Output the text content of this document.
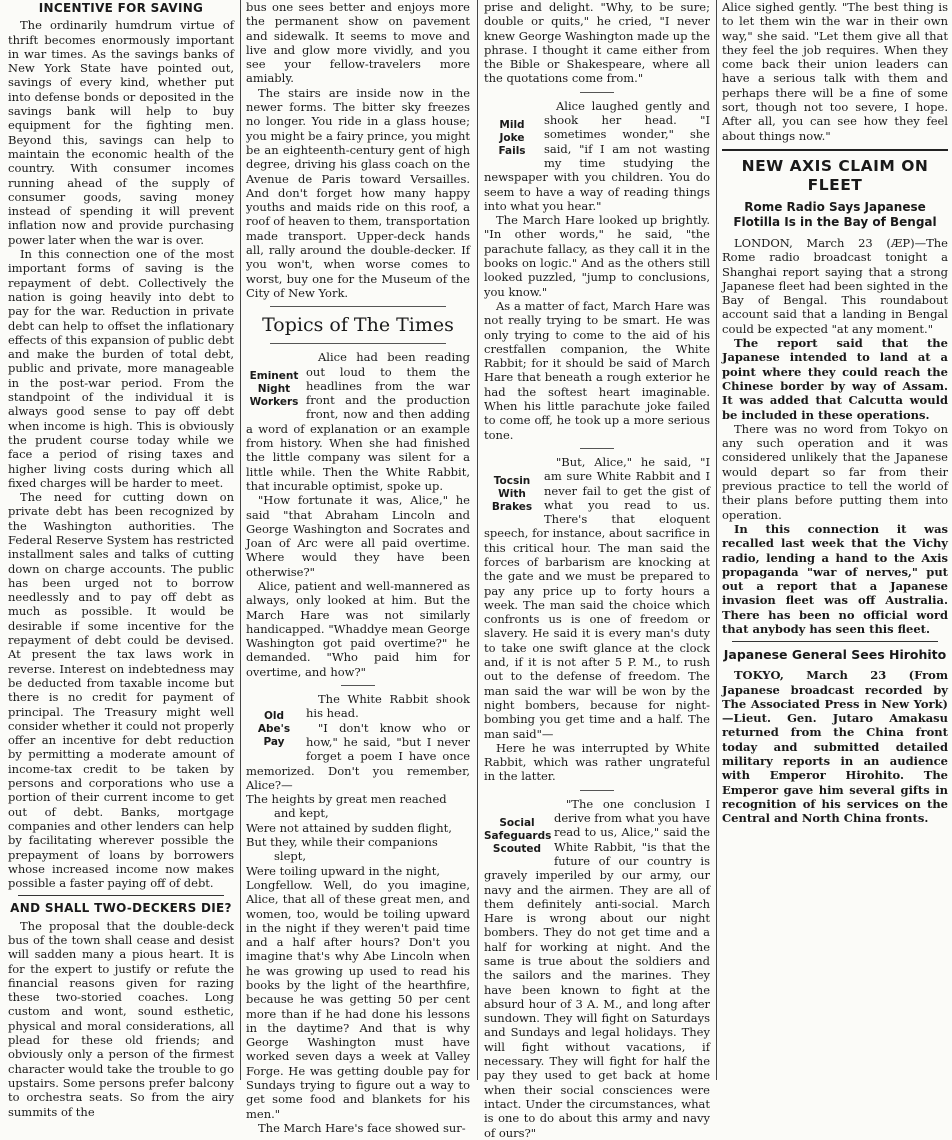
INCENTIVE FOR SAVING

The ordinarily humdrum virtue of thrift becomes enormously important in war times. As the savings banks of New York State have pointed out, savings of every kind, whether put into defense bonds or deposited in the savings bank will help to buy equipment for the fighting men. Beyond this, savings can help to maintain the economic health of the country. With consumer incomes running ahead of the supply of consumer goods, saving money instead of spending it will prevent inflation now and provide purchasing power later when the war is over.

In this connection one of the most important forms of saving is the repayment of debt. Collectively the nation is going heavily into debt to pay for the war. Reduction in private debt can help to offset the inflationary effects of this expansion of public debt and make the burden of total debt, public and private, more manageable in the post-war period. From the standpoint of the individual it is always good sense to pay off debt when income is high. This is obviously the prudent course today while we face a period of rising taxes and higher living costs during which all fixed charges will be harder to meet.

The need for cutting down on private debt has been recognized by the Washington authorities. The Federal Reserve System has restricted installment sales and talks of cutting down on charge accounts. The public has been urged not to borrow needlessly and to pay off debt as much as possible. It would be desirable if some incentive for the repayment of debt could be devised. At present the tax laws work in reverse. Interest on indebtedness may be deducted from taxable income but there is no credit for payment of principal. The Treasury might well consider whether it could not properly offer an incentive for debt reduction by permitting a moderate amount of income-tax credit to be taken by persons and corporations who use a portion of their current income to get out of debt. Banks, mortgage companies and other lenders can help by facilitating wherever possible the prepayment of loans by borrowers whose increased income now makes possible a faster paying off of debt.

AND SHALL TWO-DECKERS DIE?

The proposal that the double-deck bus of the town shall cease and desist will sadden many a pious heart. It is for the expert to justify or refute the financial reasons given for razing these two-storied coaches. Long custom and wont, sound esthetic, physical and moral considerations, all plead for these old friends; and obviously only a person of the firmest character would take the trouble to go upstairs. Some persons prefer balcony to orchestra seats. So from the airy summits of the

bus one sees better and enjoys more the permanent show on pavement and sidewalk. It seems to move and live and glow more vividly, and you see your fellow-travelers more amiably.

The stairs are inside now in the newer forms. The bitter sky freezes no longer. You ride in a glass house; you might be a fairy prince, you might be an eighteenth-century gent of high degree, driving his glass coach on the Avenue de Paris toward Versailles. And don't forget how many happy youths and maids ride on this roof, a roof of heaven to them, transportation made transport. Upper-deck hands all, rally around the double-decker. If you won't, when worse comes to worst, buy one for the Museum of the City of New York.

Topics of The Times
Eminent
Night
Workers

Alice had been reading out loud to them the headlines from the war front and the production front, now and then adding a word of explanation or an example from history. When she had finished the little company was silent for a little while. Then the White Rabbit, that incurable optimist, spoke up.

"How fortunate it was, Alice," he said "that Abraham Lincoln and George Washington and Socrates and Joan of Arc were all paid overtime. Where would they have been otherwise?"

Alice, patient and well-mannered as always, only looked at him. But the March Hare was not similarly handicapped. "Whaddye mean George Washington got paid overtime?" he demanded. "Who paid him for overtime, and how?"

Old
Abe's
Pay

The White Rabbit shook his head.

"I don't know who or how," he said, "but I never forget a poem I have once memorized. Don't you remember, Alice?—

The heights by great men reached
and kept,
Were not attained by sudden flight,
But they, while their companions
slept,
Were toiling upward in the night,

Longfellow. Well, do you imagine, Alice, that all of these great men, and women, too, would be toiling upward in the night if they weren't paid time and a half after hours? Don't you imagine that's why Abe Lincoln when he was growing up used to read his books by the light of the hearthfire, because he was getting 50 per cent more than if he had done his lessons in the daytime? And that is why George Washington must have worked seven days a week at Valley Forge. He was getting double pay for Sundays trying to figure out a way to get some food and blankets for his men."

The March Hare's face showed sur-

prise and delight. "Why, to be sure; double or quits," he cried, "I never knew George Washington made up the phrase. I thought it came either from the Bible or Shakespeare, where all the quotations come from."

Mild
Joke
Fails

Alice laughed gently and shook her head. "I sometimes wonder," she said, "if I am not wasting my time studying the newspaper with you children. You do seem to have a way of reading things into what you hear."

The March Hare looked up brightly. "In other words," he said, "the parachute fallacy, as they call it in the books on logic." And as the others still looked puzzled, "jump to conclusions, you know."

As a matter of fact, March Hare was not really trying to be smart. He was only trying to come to the aid of his crestfallen companion, the White Rabbit; for it should be said of March Hare that beneath a rough exterior he had the softest heart imaginable. When his little parachute joke failed to come off, he took up a more serious tone.

Tocsin
With
Brakes

"But, Alice," he said, "I am sure White Rabbit and I never fail to get the gist of what you read to us. There's that eloquent speech, for instance, about sacrifice in this critical hour. The man said the forces of barbarism are knocking at the gate and we must be prepared to pay any price up to forty hours a week. The man said the choice which confronts us is one of freedom or slavery. He said it is every man's duty to take one swift glance at the clock and, if it is not after 5 P. M., to rush out to the defense of freedom. The man said the war will be won by the night bombers, because for night-bombing you get time and a half. The man said"—

Here he was interrupted by White Rabbit, which was rather ungrateful in the latter.

Social
Safeguards
Scouted

"The one conclusion I derive from what you have read to us, Alice," said the White Rabbit, "is that the future of our country is gravely imperiled by our army, our navy and the airmen. They are all of them definitely anti-social. March Hare is wrong about our night bombers. They do not get time and a half for working at night. And the same is true about the soldiers and the sailors and the marines. They have been known to fight at the absurd hour of 3 A. M., and long after sundown. They will fight on Saturdays and Sundays and legal holidays. They will fight without vacations, if necessary. They will fight for half the pay they used to get back at home when their social consciences were intact. Under the circumstances, what is one to do about this army and navy of ours?"

Alice sighed gently. "The best thing is to let them win the war in their own way," she said. "Let them give all that they feel the job requires. When they come back their union leaders can have a serious talk with them and perhaps there will be a fine of some sort, though not too severe, I hope. After all, you can see how they feel about things now."

NEW AXIS CLAIM ON FLEET
Rome Radio Says Japanese Flotilla Is in the Bay of Bengal

LONDON, March 23 (ÆP)—The Rome radio broadcast tonight a Shanghai report saying that a strong Japanese fleet had been sighted in the Bay of Bengal. This roundabout account said that a landing in Bengal could be expected "at any moment."

The report said that the Japanese intended to land at a point where they could reach the Chinese border by way of Assam. It was added that Calcutta would be included in these operations.

There was no word from Tokyo on any such operation and it was considered unlikely that the Japanese would depart so far from their previous practice to tell the world of their plans before putting them into operation.

In this connection it was recalled last week that the Vichy radio, lending a hand to the Axis propaganda "war of nerves," put out a report that a Japanese invasion fleet was off Australia. There has been no official word that anybody has seen this fleet.

Japanese General Sees Hirohito

TOKYO, March 23 (From Japanese broadcast recorded by The Associated Press in New York)—Lieut. Gen. Jutaro Amakasu returned from the China front today and submitted detailed military reports in an audience with Emperor Hirohito. The Emperor gave him several gifts in recognition of his services on the Central and North China fronts.
